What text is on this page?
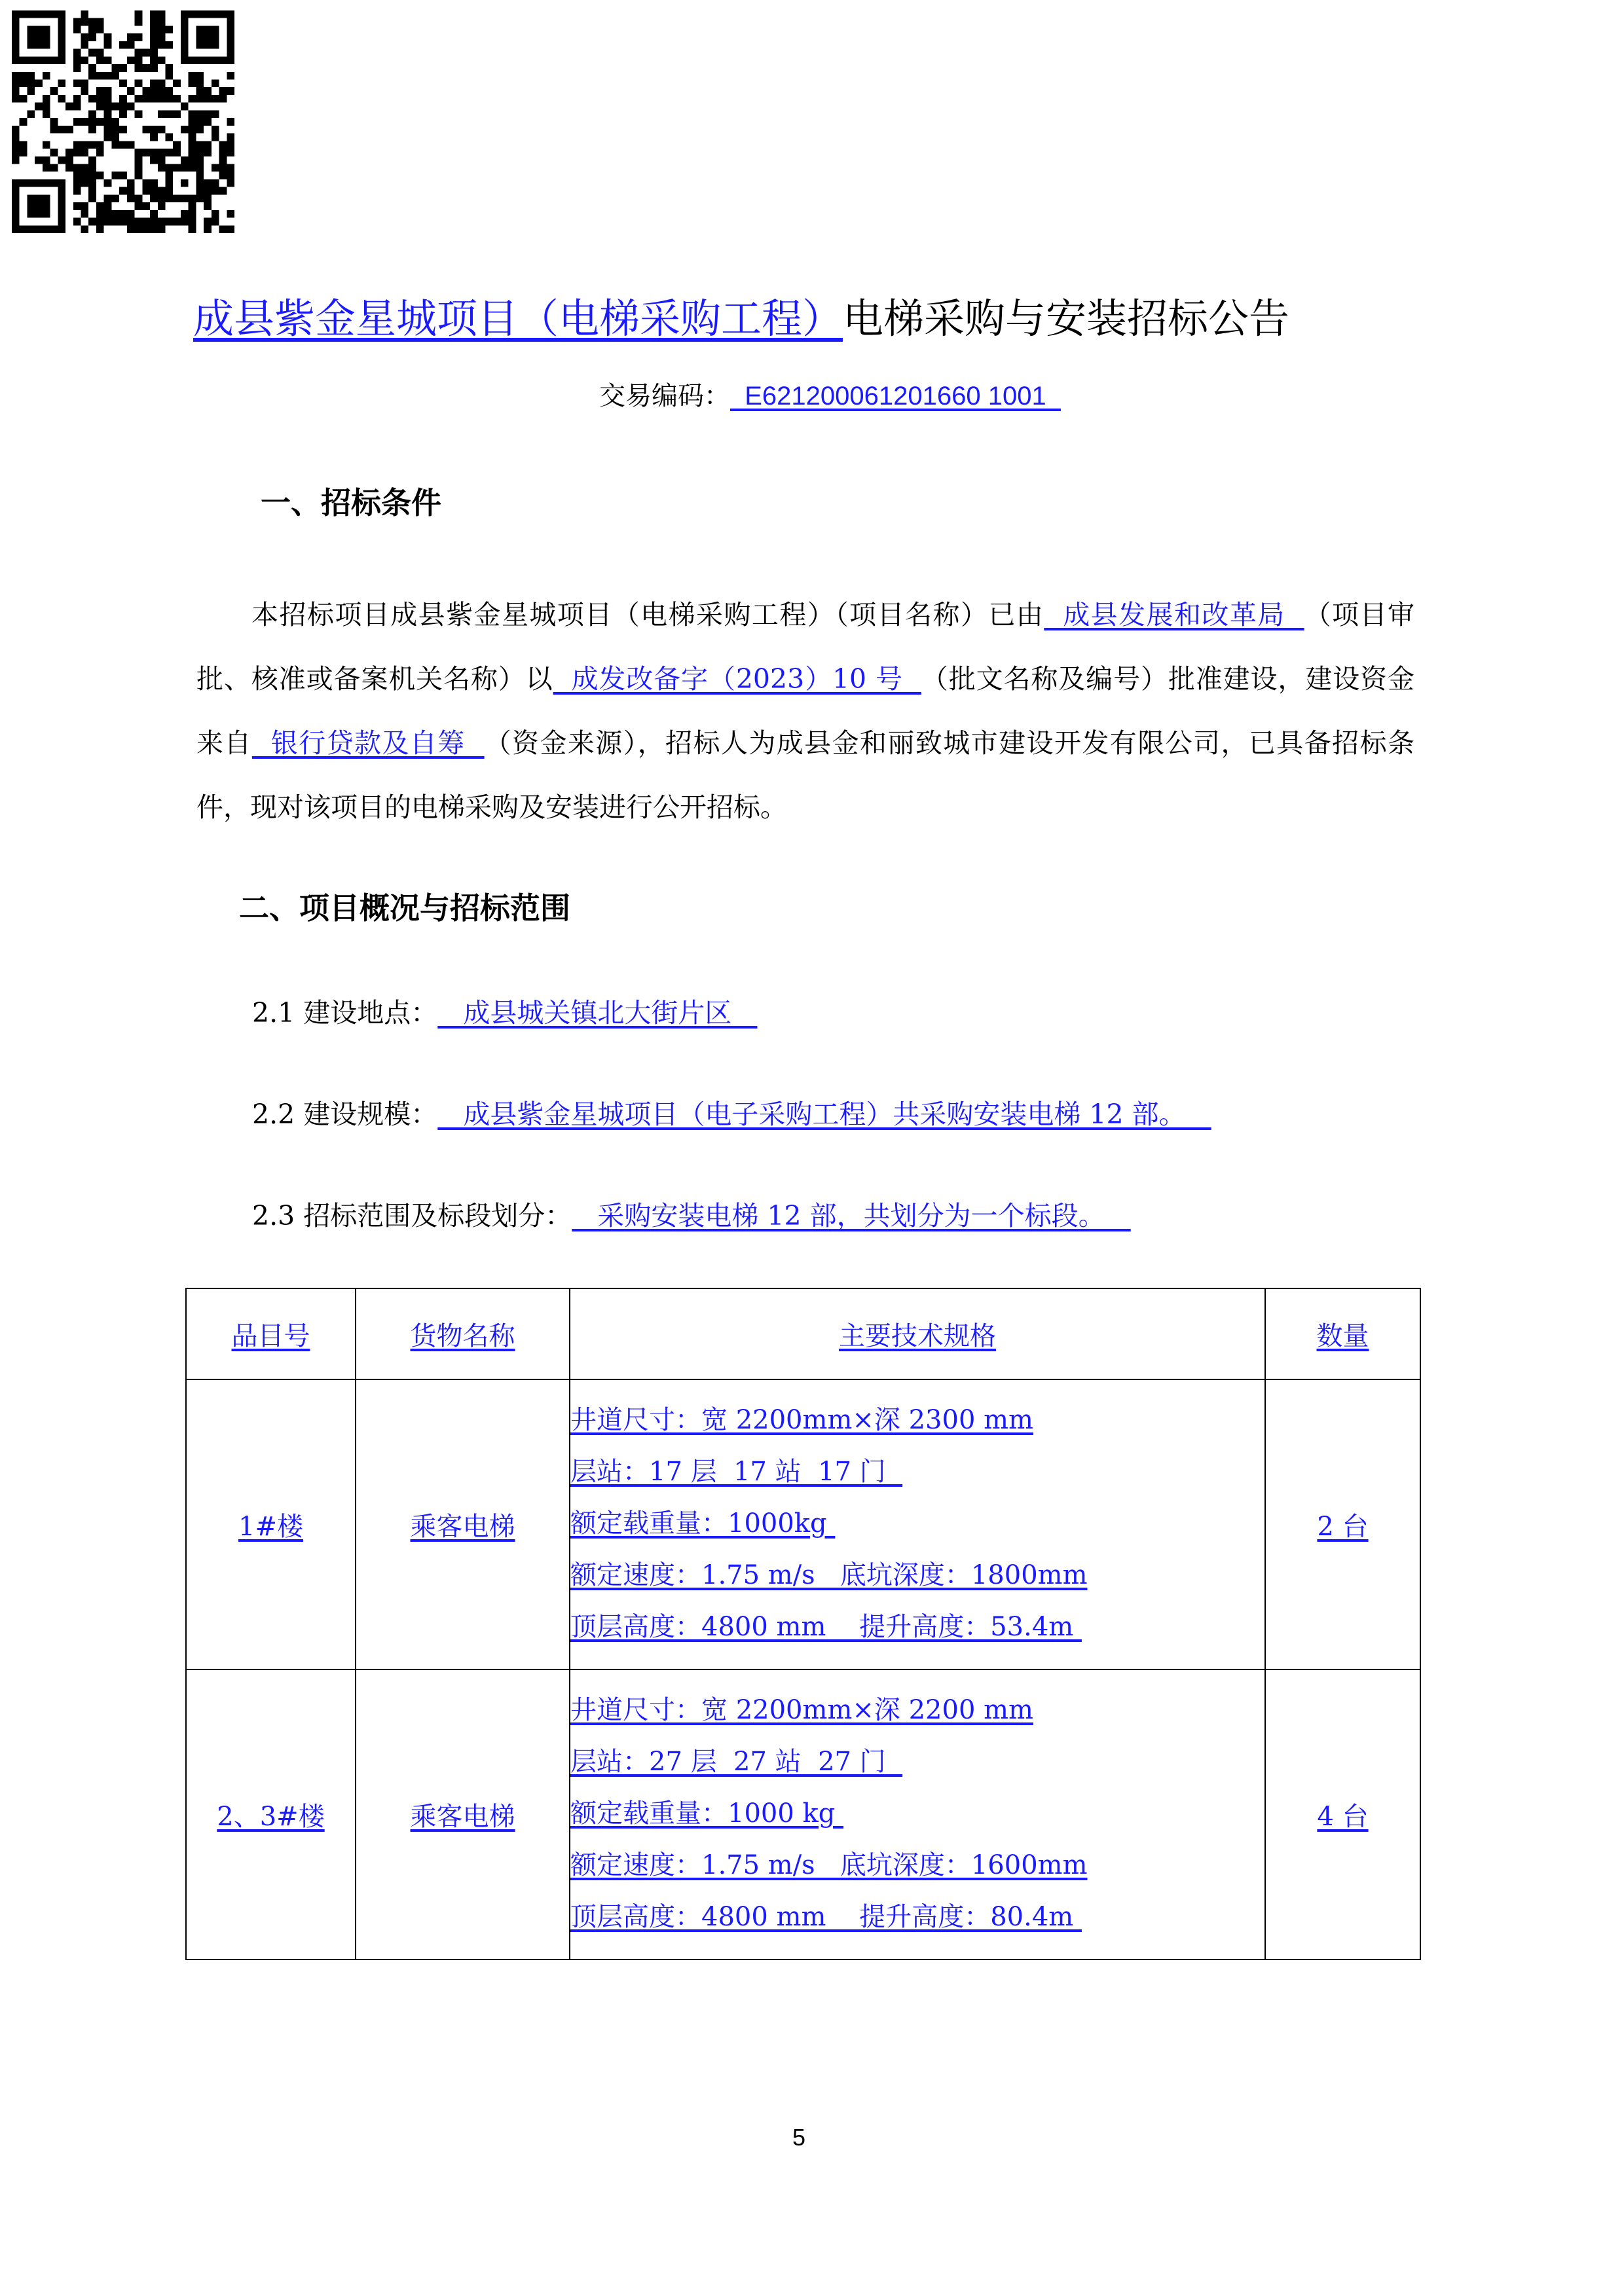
成县紫金星城项目（电梯采购工程）电梯采购与安装招标公告
交易编码：  E621200061201660 1001
一、招标条件
本招标项目成县紫金星城项目（电梯采购工程）（项目名称）已由  成县发展和改革局  （项目审批、核准或备案机关名称）以  成发改备字（2023）10 号  （批文名称及编号）批准建设，建设资金来自  银行贷款及自筹  （资金来源），招标人为成县金和丽致城市建设开发有限公司，已具备招标条件，现对该项目的电梯采购及安装进行公开招标。
二、项目概况与招标范围
2.1 建设地点：   成县城关镇北大街片区
2.2 建设规模：   成县紫金星城项目（电子采购工程）共采购安装电梯 12 部。
2.3 招标范围及标段划分：   采购安装电梯 12 部，共划分为一个标段。
品目号	货物名称	主要技术规格	数量
1#楼	乘客电梯	井道尺寸：宽 2200mm×深 2300 mm
层站：17 层  17 站  17 门
额定载重量：1000kg
额定速度：1.75 m/s   底坑深度：1800mm
顶层高度：4800 mm    提升高度：53.4m	2 台
2、3#楼	乘客电梯	井道尺寸：宽 2200mm×深 2200 mm
层站：27 层  27 站  27 门
额定载重量：1000 kg
额定速度：1.75 m/s   底坑深度：1600mm
顶层高度：4800 mm    提升高度：80.4m	4 台
5
